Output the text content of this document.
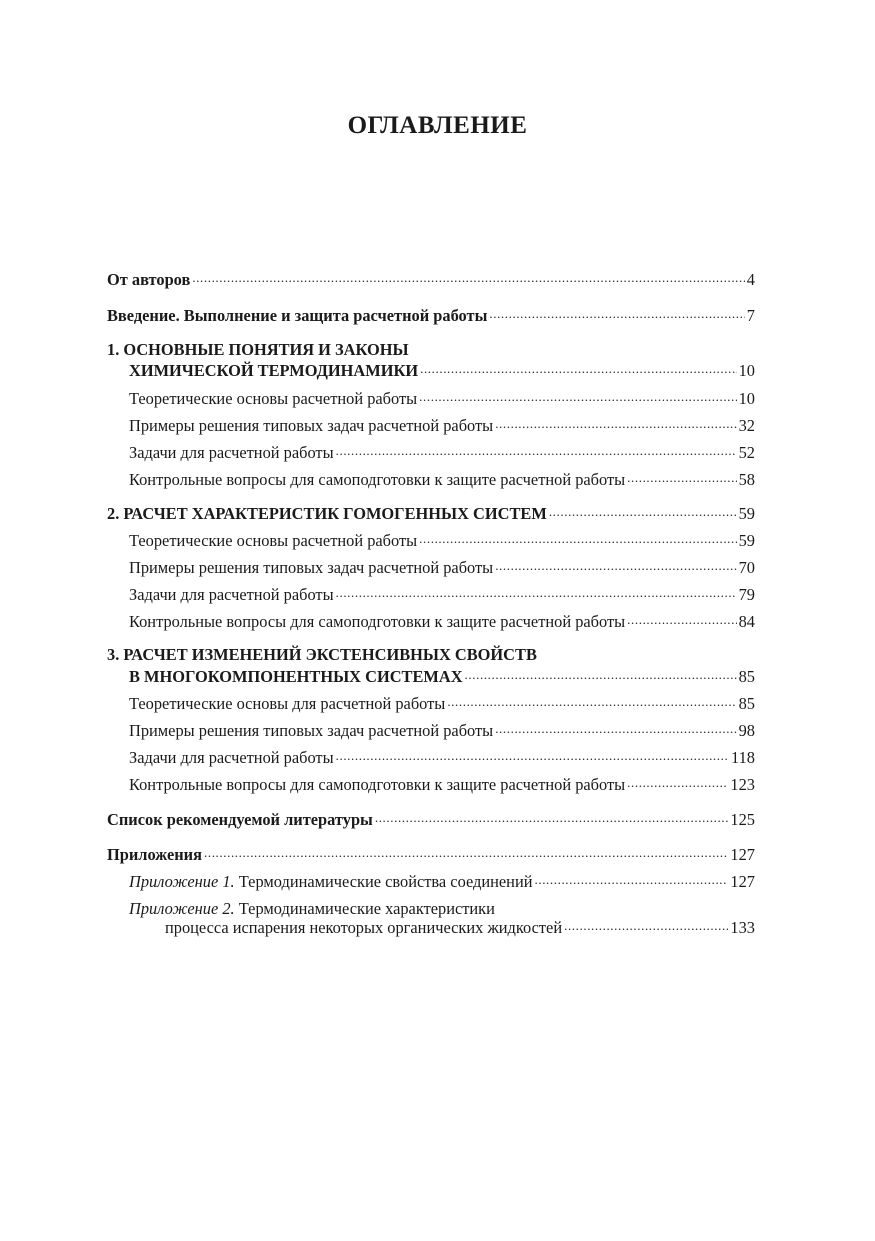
ОГЛАВЛЕНИЕ
От авторов .....	4
Введение. Выполнение и защита расчетной работы .....	7
1. ОСНОВНЫЕ ПОНЯТИЯ И ЗАКОНЫ
ХИМИЧЕСКОЙ ТЕРМОДИНАМИКИ .....	10
Теоретические основы расчетной работы .....	10
Примеры решения типовых задач расчетной работы .....	32
Задачи для расчетной работы .....	52
Контрольные вопросы для самоподготовки к защите расчетной работы .....	58
2. РАСЧЕТ ХАРАКТЕРИСТИК ГОМОГЕННЫХ СИСТЕМ .....	59
Теоретические основы расчетной работы .....	59
Примеры решения типовых задач расчетной работы .....	70
Задачи для расчетной работы .....	79
Контрольные вопросы для самоподготовки к защите расчетной работы .....	84
3. РАСЧЕТ ИЗМЕНЕНИЙ ЭКСТЕНСИВНЫХ СВОЙСТВ
В МНОГОКОМПОНЕНТНЫХ СИСТЕМАХ .....	85
Теоретические основы для расчетной работы .....	85
Примеры решения типовых задач расчетной работы .....	98
Задачи для расчетной работы .....	118
Контрольные вопросы для самоподготовки к защите расчетной работы .....	123
Список рекомендуемой литературы .....	125
Приложения .....	127
Приложение 1. Термодинамические свойства соединений .....	127
Приложение 2. Термодинамические характеристики
процесса испарения некоторых органических жидкостей .....	133
